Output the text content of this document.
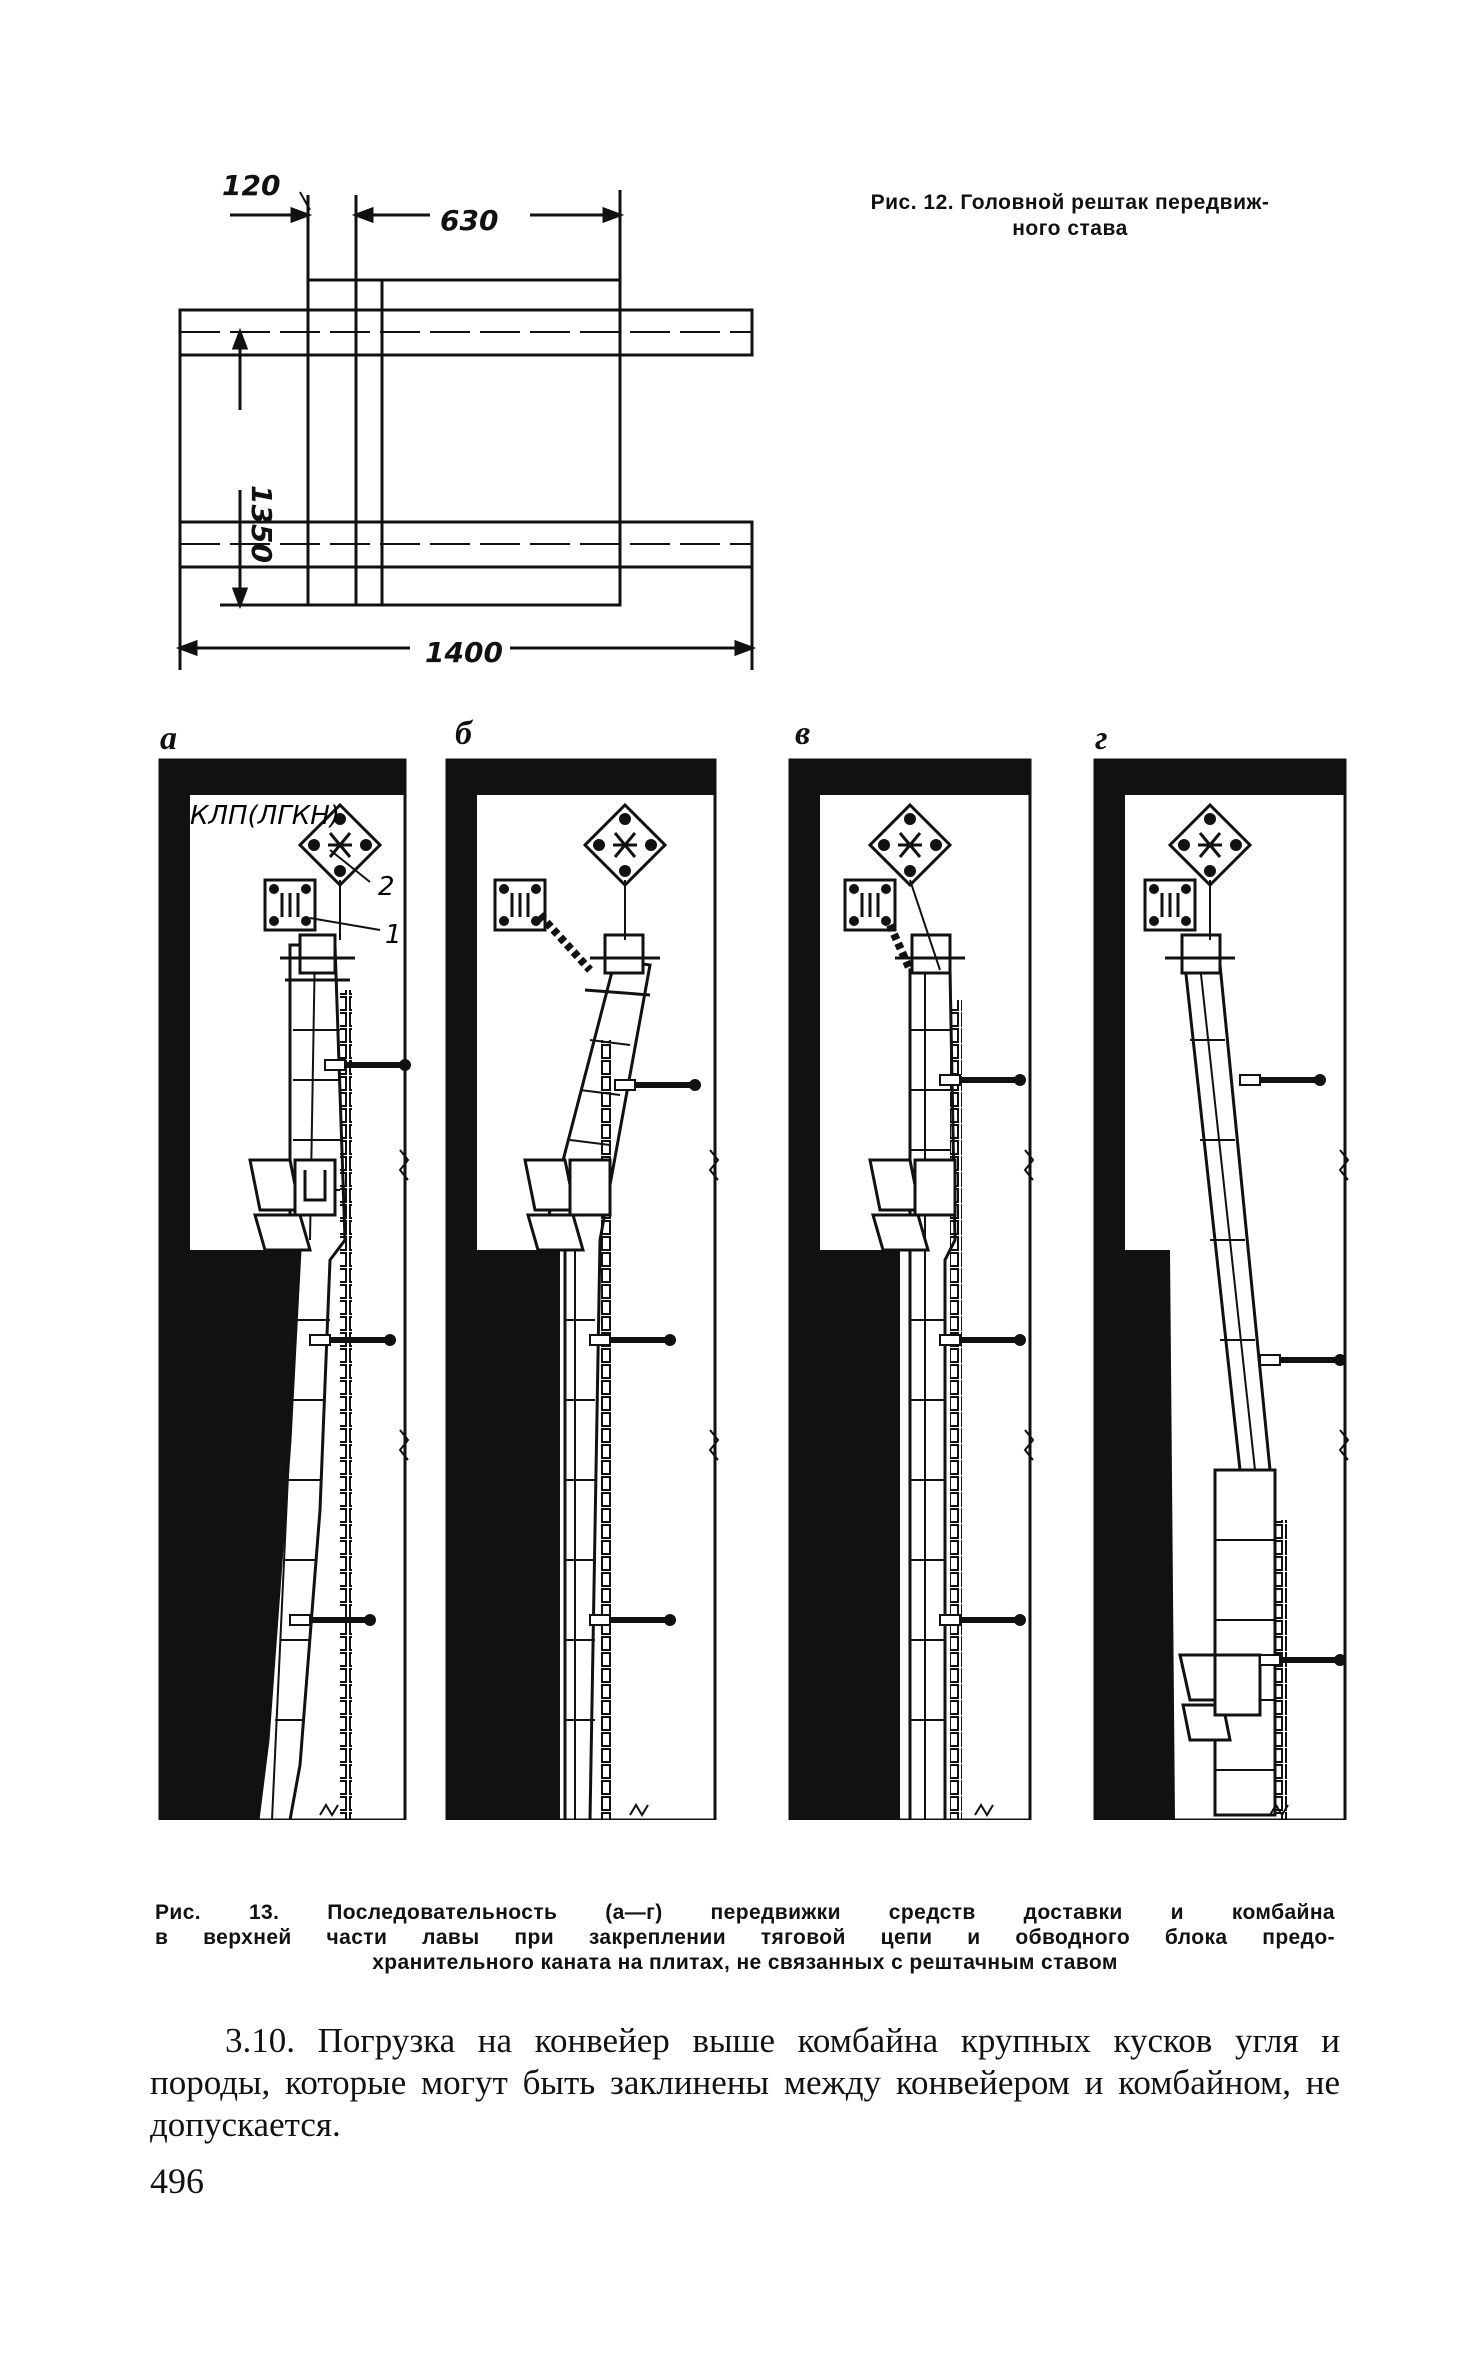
120
630
1350
1400
Рис. 12. Головной рештак передвиж-
ного става
а	б	в	г
КЛП(ЛГКН)
2
1
Рис. 13. Последовательность (а—г) передвижки средств доставки и комбайна
в верхней части лавы при закреплении тяговой цепи и обводного блока предо-
хранительного каната на плитах, не связанных с рештачным ставом
3.10. Погрузка на конвейер выше комбайна крупных кусков угля и породы, которые могут быть заклинены между конвейером и комбайном, не допускается.
496
